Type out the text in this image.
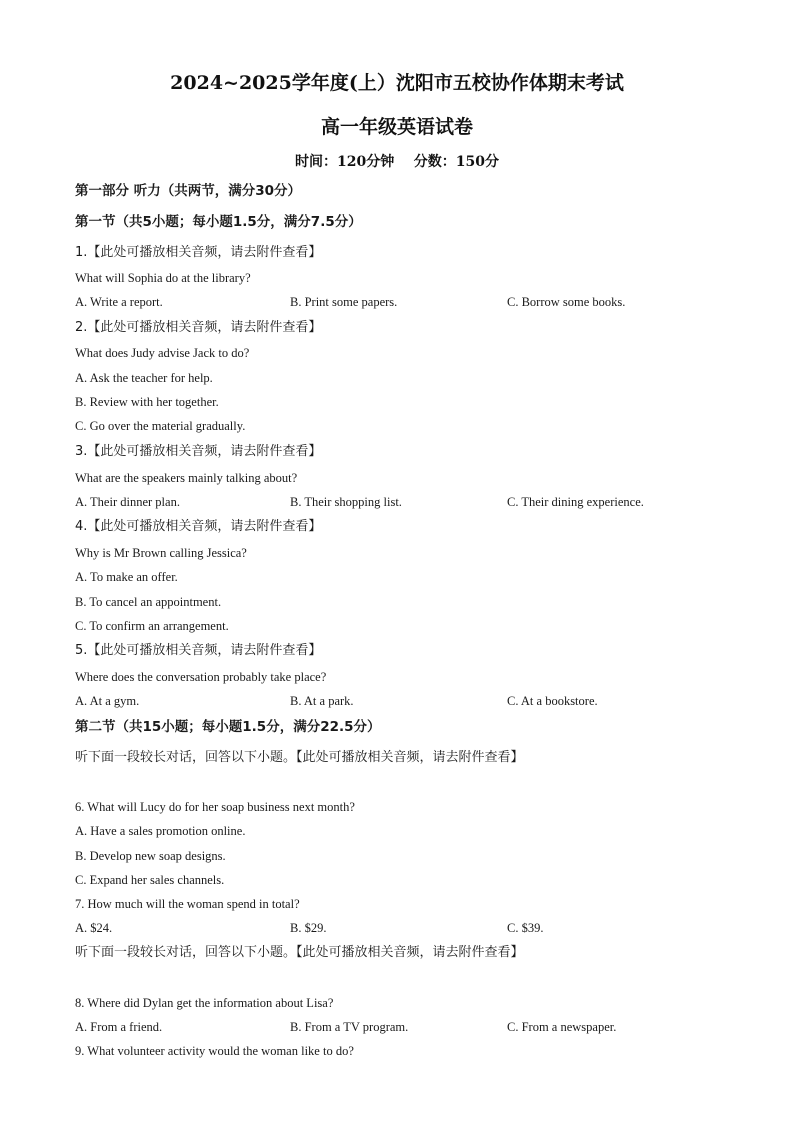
2024~2025学年度(上）沈阳市五校协作体期末考试
高一年级英语试卷
时间：120分钟    分数：150分
第一部分 听力（共两节，满分30分）
第一节（共5小题；每小题1.5分，满分7.5分）
1.【此处可播放相关音频，请去附件查看】
What will Sophia do at the library?
A. Write a report.	B. Print some papers.	C. Borrow some books.
2.【此处可播放相关音频，请去附件查看】
What does Judy advise Jack to do?
A. Ask the teacher for help.
B. Review with her together.
C. Go over the material gradually.
3.【此处可播放相关音频，请去附件查看】
What are the speakers mainly talking about?
A. Their dinner plan.	B. Their shopping list.	C. Their dining experience.
4.【此处可播放相关音频，请去附件查看】
Why is Mr Brown calling Jessica?
A. To make an offer.
B. To cancel an appointment.
C. To confirm an arrangement.
5.【此处可播放相关音频，请去附件查看】
Where does the conversation probably take place?
A. At a gym.	B. At a park.	C. At a bookstore.
第二节（共15小题；每小题1.5分，满分22.5分）
听下面一段较长对话，回答以下小题。【此处可播放相关音频，请去附件查看】
6. What will Lucy do for her soap business next month?
A. Have a sales promotion online.
B. Develop new soap designs.
C. Expand her sales channels.
7. How much will the woman spend in total?
A. $24.	B. $29.	C. $39.
听下面一段较长对话，回答以下小题。【此处可播放相关音频，请去附件查看】
8. Where did Dylan get the information about Lisa?
A. From a friend.	B. From a TV program.	C. From a newspaper.
9. What volunteer activity would the woman like to do?
